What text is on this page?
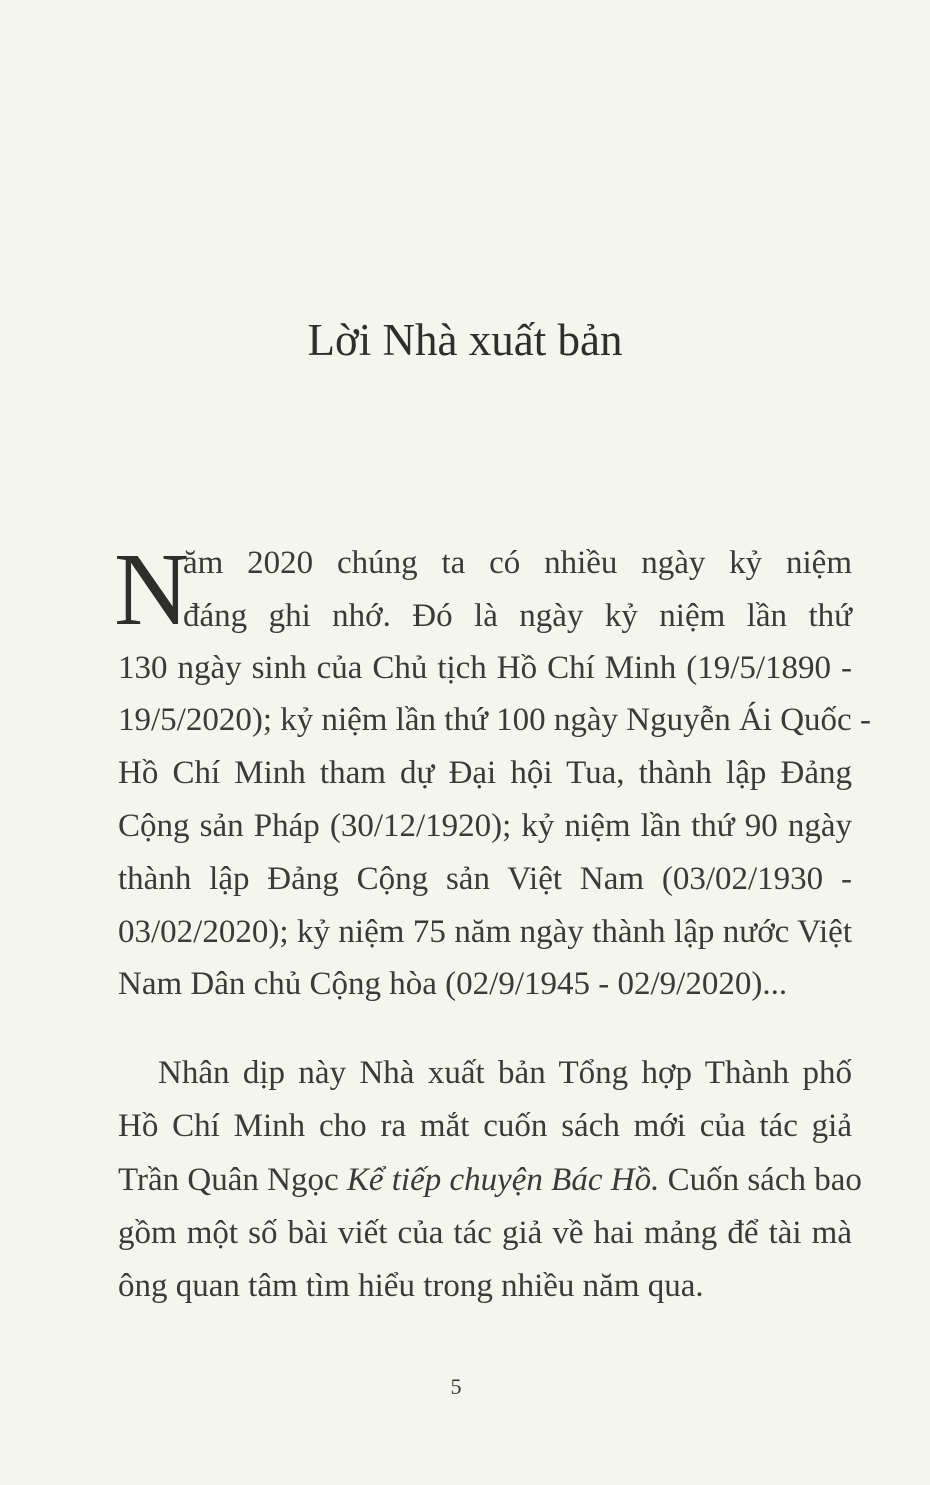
Lời Nhà xuất bản
N
ăm 2020 chúng ta có nhiều ngày kỷ niệm
đáng ghi nhớ. Đó là ngày kỷ niệm lần thứ
130 ngày sinh của Chủ tịch Hồ Chí Minh (19/5/1890 -
19/5/2020); kỷ niệm lần thứ 100 ngày Nguyễn Ái Quốc -
Hồ Chí Minh tham dự Đại hội Tua, thành lập Đảng
Cộng sản Pháp (30/12/1920); kỷ niệm lần thứ 90 ngày
thành lập Đảng Cộng sản Việt Nam (03/02/1930 -
03/02/2020); kỷ niệm 75 năm ngày thành lập nước Việt
Nam Dân chủ Cộng hòa (02/9/1945 - 02/9/2020)...
Nhân dịp này Nhà xuất bản Tổng hợp Thành phố
Hồ Chí Minh cho ra mắt cuốn sách mới của tác giả
Trần Quân Ngọc Kể tiếp chuyện Bác Hồ. Cuốn sách bao
gồm một số bài viết của tác giả về hai mảng để tài mà
ông quan tâm tìm hiểu trong nhiều năm qua.
5
